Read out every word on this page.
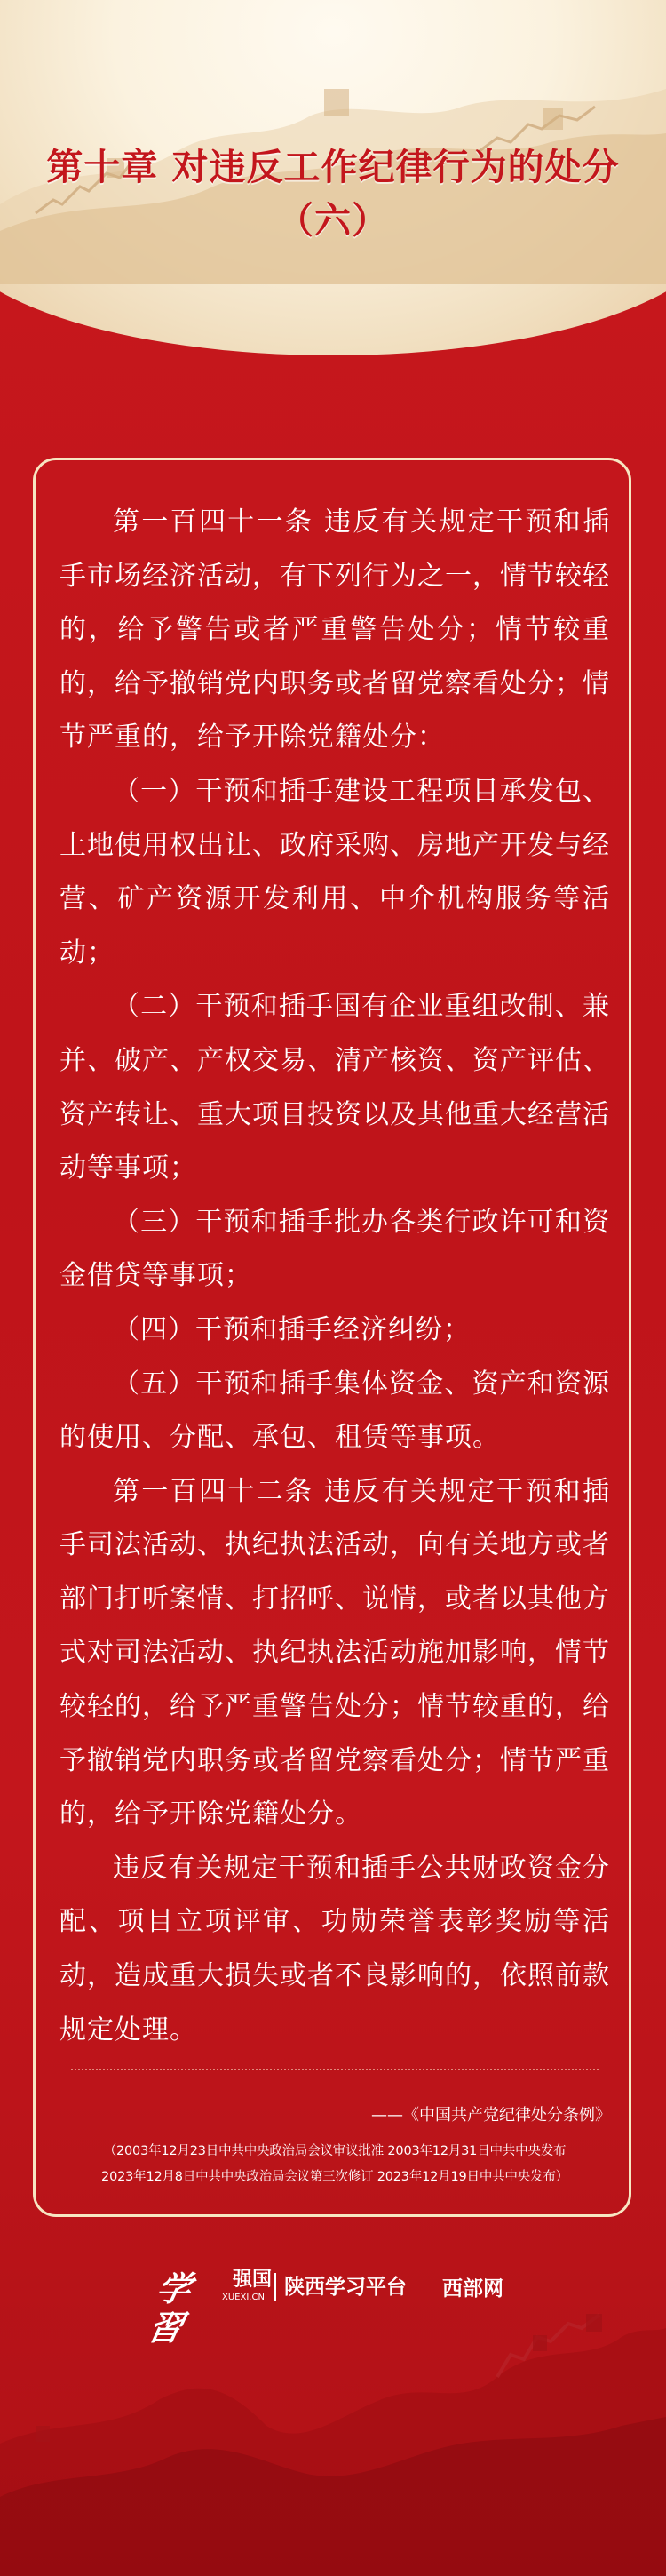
第十章 对违反工作纪律行为的处分
（六）

第一百四十一条 违反有关规定干预和插手市场经济活动，有下列行为之一，情节较轻的，给予警告或者严重警告处分；情节较重的，给予撤销党内职务或者留党察看处分；情节严重的，给予开除党籍处分：

（一）干预和插手建设工程项目承发包、土地使用权出让、政府采购、房地产开发与经营、矿产资源开发利用、中介机构服务等活动；

（二）干预和插手国有企业重组改制、兼并、破产、产权交易、清产核资、资产评估、资产转让、重大项目投资以及其他重大经营活动等事项；

（三）干预和插手批办各类行政许可和资金借贷等事项；

（四）干预和插手经济纠纷；

（五）干预和插手集体资金、资产和资源的使用、分配、承包、租赁等事项。

第一百四十二条 违反有关规定干预和插手司法活动、执纪执法活动，向有关地方或者部门打听案情、打招呼、说情，或者以其他方式对司法活动、执纪执法活动施加影响，情节较轻的，给予严重警告处分；情节较重的，给予撤销党内职务或者留党察看处分；情节严重的，给予开除党籍处分。

违反有关规定干预和插手公共财政资金分配、项目立项评审、功勋荣誉表彰奖励等活动，造成重大损失或者不良影响的，依照前款规定处理。

——《中国共产党纪律处分条例》
（2003年12月23日中共中央政治局会议审议批准 2003年12月31日中共中央发布
2023年12月8日中共中央政治局会议第三次修订 2023年12月19日中共中央发布）
学習
强国
XUEXI.CN 陕西学习平台 西部网
